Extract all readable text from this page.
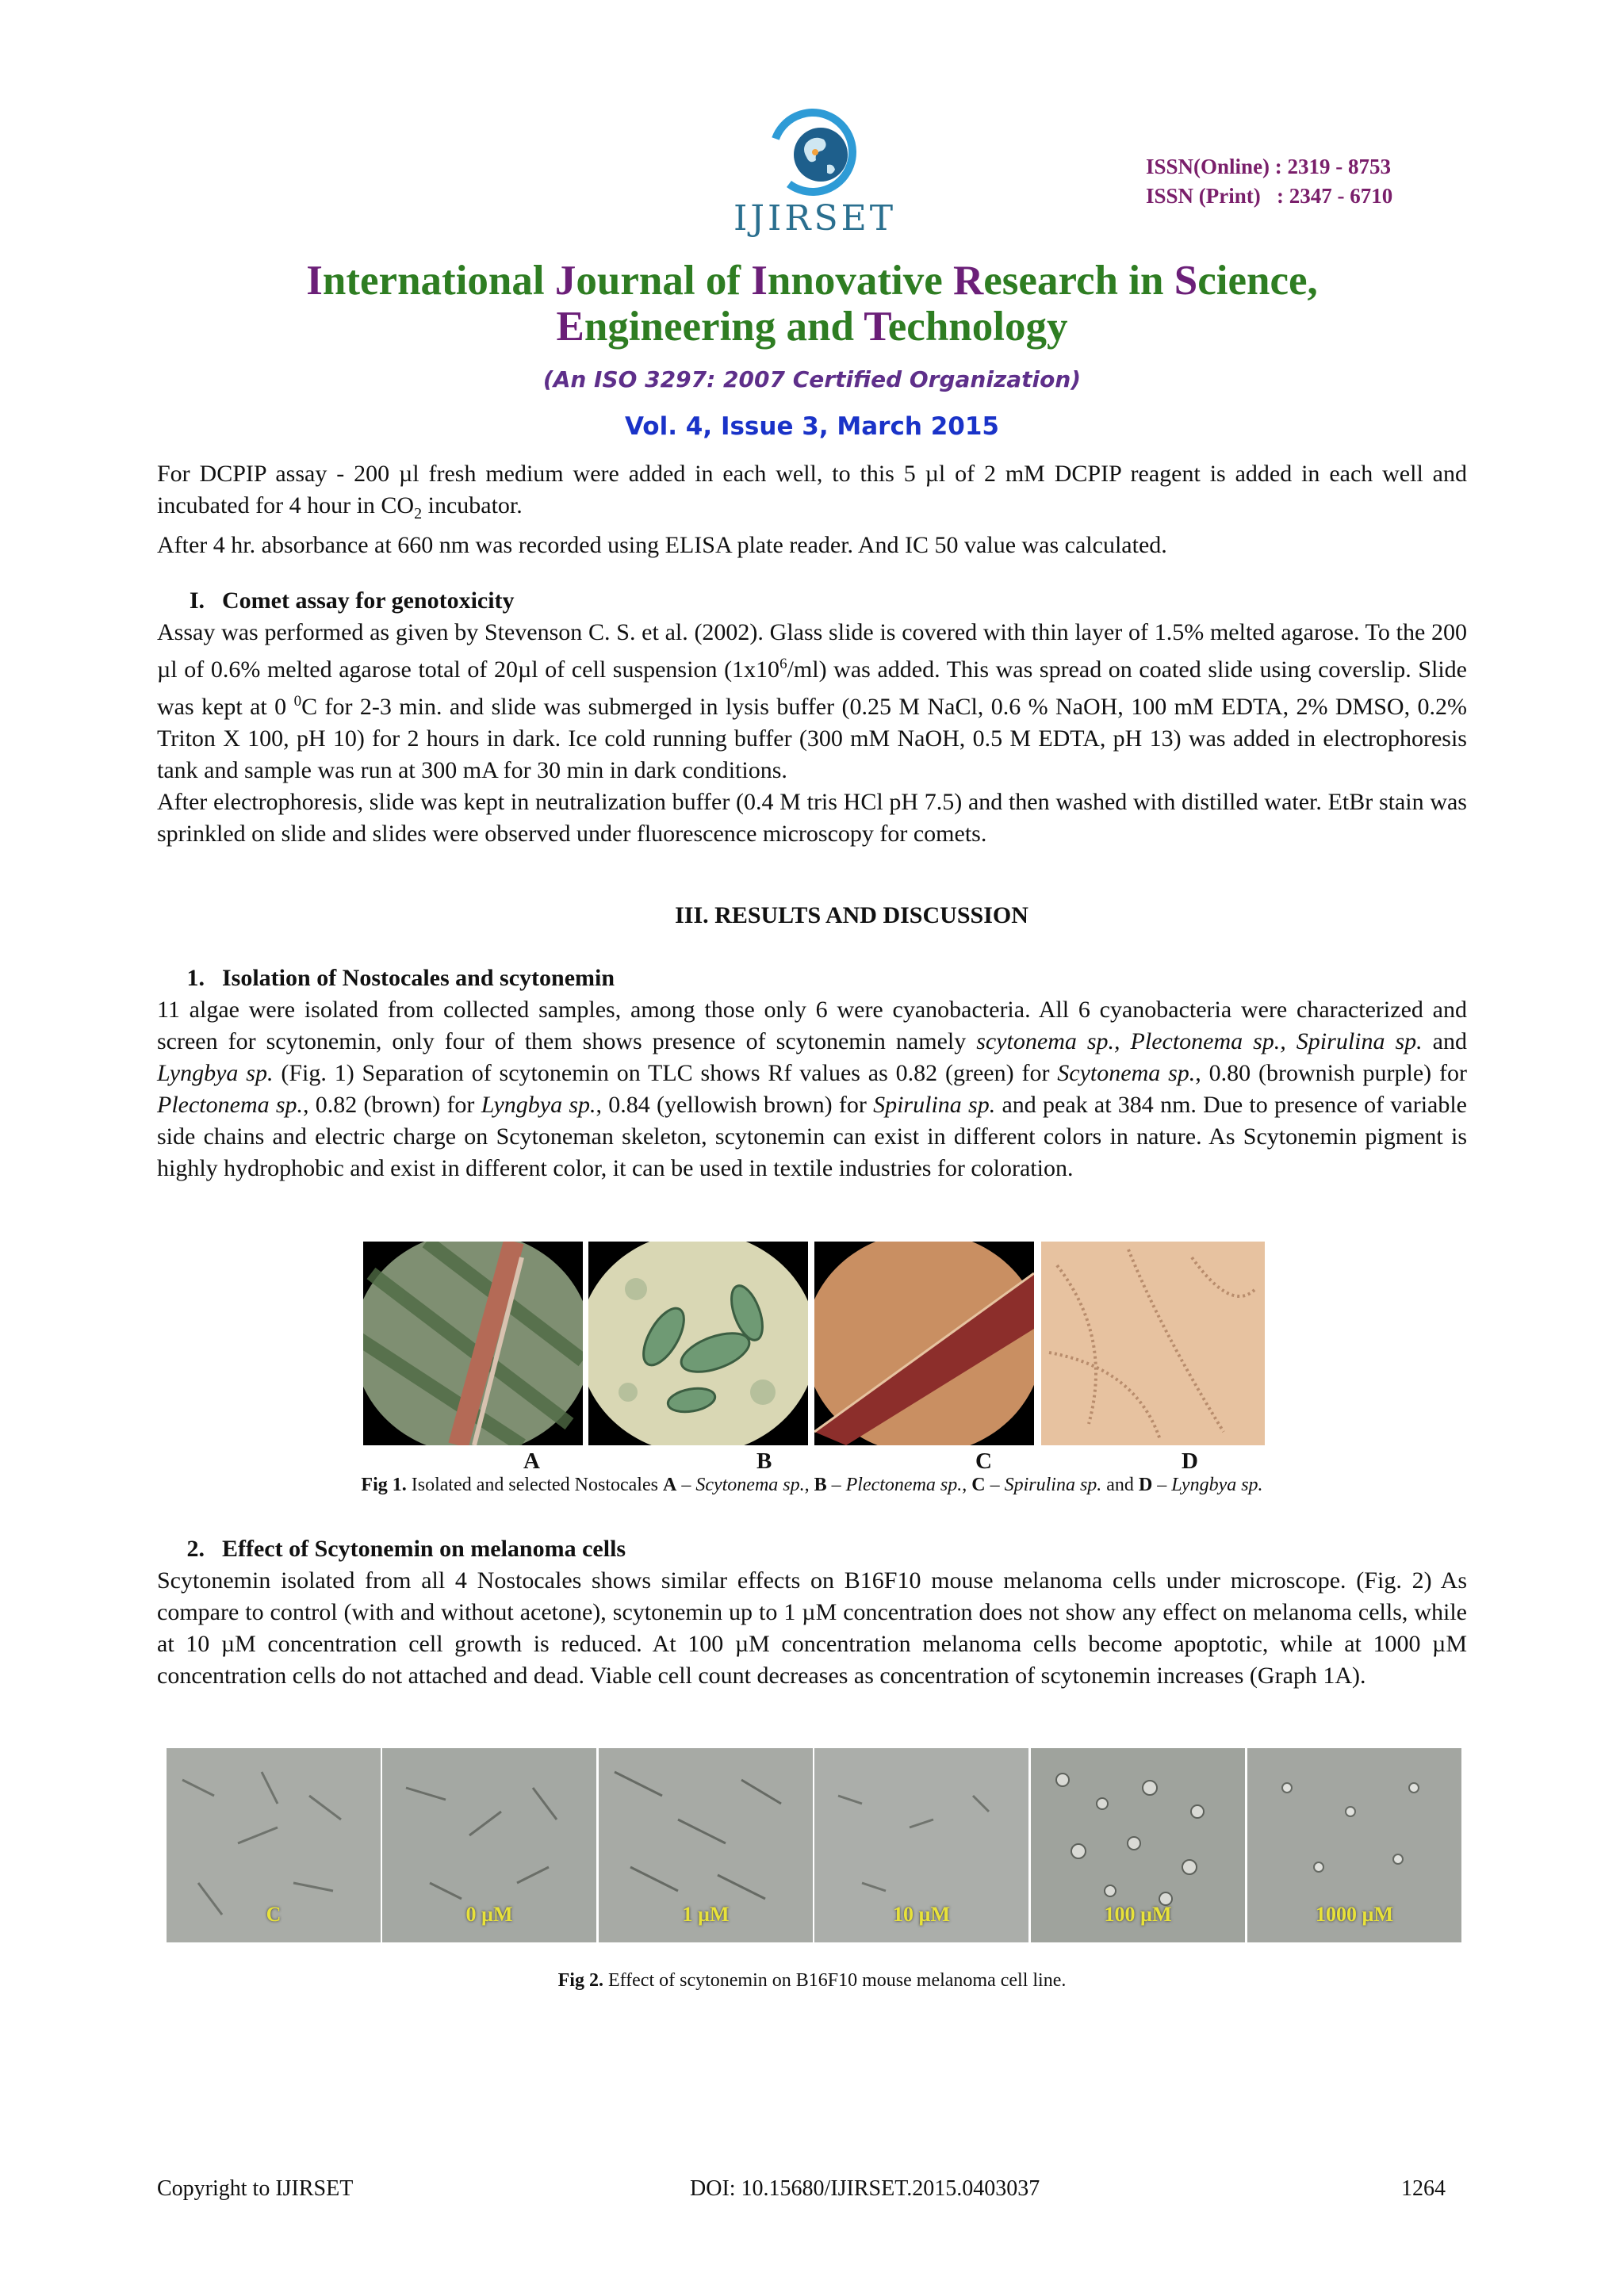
IJIRSET
ISSN(Online) : 2319 - 8753
ISSN (Print)   : 2347 - 6710
International Journal of Innovative Research in Science,
Engineering and Technology
(An ISO 3297: 2007 Certified Organization)
Vol. 4, Issue 3, March 2015
For DCPIP assay - 200 µl fresh medium were added in each well, to this 5 µl of 2 mM DCPIP reagent is added in each well and incubated for 4 hour in $CO_2$ incubator.
After 4 hr. absorbance at 660 nm was recorded using ELISA plate reader. And IC 50 value was calculated.
I. Comet assay for genotoxicity
Assay was performed as given by Stevenson C. S. et al. (2002). Glass slide is covered with thin layer of 1.5% melted agarose. To the 200 µl of 0.6% melted agarose total of 20µl of cell suspension $(1x10^6/ml)$ was added. This was spread on coated slide using coverslip. Slide was kept at 0 $^0$C for 2-3 min. and slide was submerged in lysis buffer (0.25 M NaCl, 0.6 % NaOH, 100 mM EDTA, 2% DMSO, 0.2% Triton X 100, pH 10) for 2 hours in dark. Ice cold running buffer (300 mM NaOH, 0.5 M EDTA, pH 13) was added in electrophoresis tank and sample was run at 300 mA for 30 min in dark conditions.
After electrophoresis, slide was kept in neutralization buffer (0.4 M tris HCl pH 7.5) and then washed with distilled water. EtBr stain was sprinkled on slide and slides were observed under fluorescence microscopy for comets.
III. RESULTS AND DISCUSSION
1. Isolation of Nostocales and scytonemin
11 algae were isolated from collected samples, among those only 6 were cyanobacteria. All 6 cyanobacteria were characterized and screen for scytonemin, only four of them shows presence of scytonemin namely scytonema sp., Plectonema sp., Spirulina sp. and Lyngbya sp. (Fig. 1) Separation of scytonemin on TLC shows Rf values as 0.82 (green) for Scytonema sp., 0.80 (brownish purple) for Plectonema sp., 0.82 (brown) for Lyngbya sp., 0.84 (yellowish brown) for Spirulina sp. and peak at 384 nm. Due to presence of variable side chains and electric charge on Scytoneman skeleton, scytonemin can exist in different colors in nature. As Scytonemin pigment is highly hydrophobic and exist in different color, it can be used in textile industries for coloration.
A	B	C	D
Fig 1. Isolated and selected Nostocales A – Scytonema sp., B – Plectonema sp., C – Spirulina sp. and D – Lyngbya sp.
2. Effect of Scytonemin on melanoma cells
Scytonemin isolated from all 4 Nostocales shows similar effects on B16F10 mouse melanoma cells under microscope. (Fig. 2) As compare to control (with and without acetone), scytonemin up to 1 µM concentration does not show any effect on melanoma cells, while at 10 µM concentration cell growth is reduced. At 100 µM concentration melanoma cells become apoptotic, while at 1000 µM concentration cells do not attached and dead. Viable cell count decreases as concentration of scytonemin increases (Graph 1A).
C	0 µM	1 µM	10 µM	100 µM	1000 µM
Fig 2. Effect of scytonemin on B16F10 mouse melanoma cell line.
Copyright to IJIRSET	DOI: 10.15680/IJIRSET.2015.0403037	1264
